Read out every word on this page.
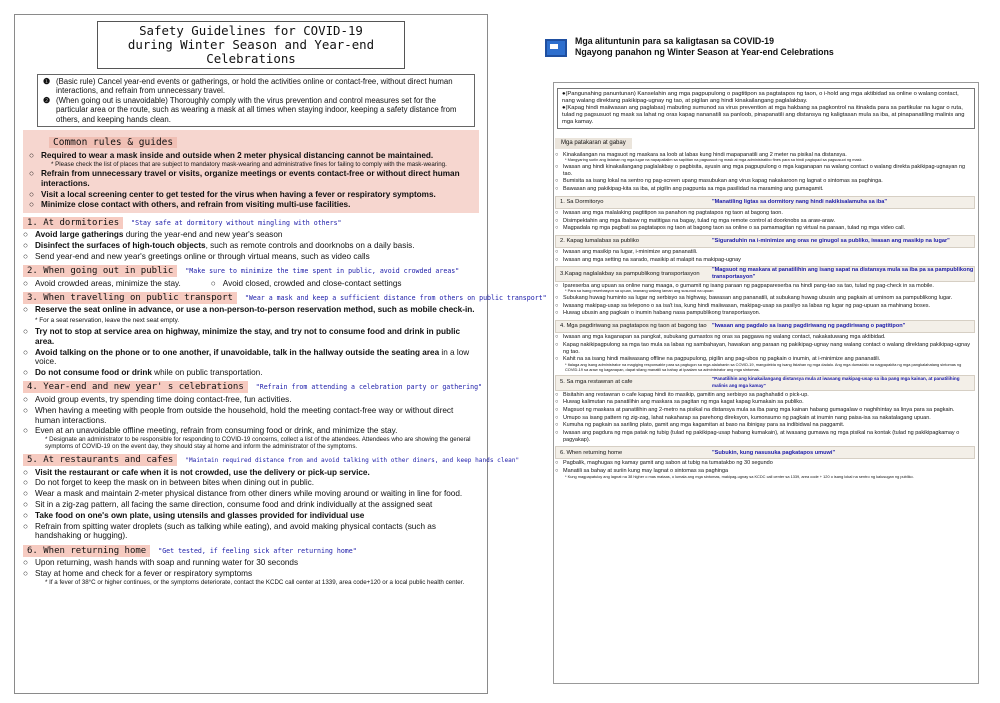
Safety Guidelines for COVID-19
during Winter Season and Year-end Celebrations
❶ (Basic rule) Cancel year-end events or gatherings, or hold the activities online or contact-free, without direct human interactions, and refrain from unnecessary travel.
❷ (When going out is unavoidable) Thoroughly comply with the virus prevention and control measures set for the particular area or the route, such as wearing a mask at all times when staying indoor, keeping a safety distance from others, and keeping hands clean.
Common rules & guides
○ Required to wear a mask inside and outside when 2 meter physical distancing cannot be maintained.
* Please check the list of places that are subject to mandatory mask-wearing and administrative fines for failing to comply with the mask-wearing.
○ Refrain from unnecessary travel or visits, organize meetings or events contact-free or without direct human interactions.
○ Visit a local screening center to get tested for the virus when having a fever or respiratory symptoms.
○ Minimize close contact with others, and refrain from visiting multi-use facilities.
1. At dormitories	"Stay safe at dormitory without mingling with others"
○ Avoid large gatherings during the year-end and new year's season
○ Disinfect the surfaces of high-touch objects, such as remote controls and doorknobs on a daily basis.
○ Send year-end and new year's greetings online or through virtual means, such as video calls
2. When going out in public	"Make sure to minimize the time spent in public, avoid crowded areas"
○ Avoid crowded areas, minimize the stay.	○ Avoid closed, crowded and close-contact settings
3. When travelling on public transport	"Wear a mask and keep a sufficient distance from others on public transport"
○ Reserve the seat online in advance, or use a non-person-to-person reservation method, such as mobile check-in. * For a seat reservation, leave the next seat empty.
○ Try not to stop at service area on highway, minimize the stay, and try not to consume food and drink in public area.
○ Avoid talking on the phone or to one another, if unavoidable, talk in the hallway outside the seating area in a low voice.
○ Do not consume food or drink while on public transportation.
4. Year-end and new year' s celebrations	"Refrain from attending a celebration party or gathering"
○ Avoid group events, try spending time doing contact-free, fun activities.
○ When having a meeting with people from outside the household, hold the meeting contact-free way or without direct human interactions.
○ Even at an unavoidable offline meeting, refrain from consuming food or drink, and minimize the stay.
* Designate an administrator to be responsible for responding to COVID-19 concerns, collect a list of the attendees. Attendees who are showing the general symptoms of COVID-19 on the event day, they should stay at home and inform the administrator of the symptoms.
5. At restaurants and cafes	"Maintain required distance from and avoid talking with other diners, and keep hands clean"
○ Visit the restaurant or cafe when it is not crowded, use the delivery or pick-up service.
○ Do not forget to keep the mask on in between bites when dining out in public.
○ Wear a mask and maintain 2-meter physical distance from other diners while moving around or waiting in line for food.
○ Sit in a zig-zag pattern, all facing the same direction, consume food and drink individually at the assigned seat
○ Take food on one's own plate, using utensils and glasses provided for individual use
○ Refrain from spitting water droplets (such as talking while eating), and avoid making physical contacts (such as handshaking or hugging).
6. When returning home	"Get tested, if feeling sick after returning home"
○ Upon returning, wash hands with soap and running water for 30 seconds
○ Stay at home and check for a fever or respiratory symptoms
* If a fever of 38°C or higher continues, or the symptoms deteriorate, contact the KCDC call center at 1339, area code+120 or a local public health center.
Mga alituntunin para sa kaligtasan sa COVID-19
Ngayong panahon ng Winter Season at Year-end Celebrations
●(Pangunahing panuntunan) Kanselahin ang mga pagpupulong o pagtitipon sa pagtatapos ng taon, o i-hold ang mga aktibidad sa online o walang contact, nang walang direktang pakikipag-ugnay ng tao, at pigilan ang hindi kinakailangang paglalakbay.
●(Kapag hindi maiiwasan ang paglabas) mabuting sumunod sa virus prevention at mga hakbang sa pagkontrol na itinakda para sa partikular na lugar o ruta, tulad ng pagsusuot ng mask sa lahat ng oras kapag nananatili sa panloob, pinapanatili ang distansya ng kaligtasan mula sa iba, at pinapanatiling malinis ang mga kamay.
Mga patakaran at gabay
○ Kinakailangan na magsuot ng maskara sa loob at labas kung hindi mapapanatili ang 2 meter na pisikal na distansya.
* Mangyaring suriin ang listahan ng mga lugar na napapailalim sa sapilitan na pagsusuot ng mask at mga administratibo fines para sa hindi pagtupad sa pagsusuot ng mask .
○ Iwasan ang hindi kinakailangang paglalakbay o pagbisita, ayusin ang mga pagpupulong o mga kaganapan na walang contact o walang direkta pakikipag-ugnayan ng tao.
○ Bumisita sa isang lokal na sentro ng pag-screen upang masubukan ang virus kapag nakakaroon ng lagnat o sintomas sa paghinga.
○ Bawasan ang pakikipag-kita sa iba, at pigilin ang pagpunta sa mga pasilidad na maraming ang gumagamit.
1. Sa Dormitoryo	"Manatiling ligtas sa dormitory nang hindi nakikisalamuha sa iba"
○ Iwasan ang mga malalaking pagtitipon sa panahon ng pagtatapos ng taon at bagong taon.
○ Disimpektahin ang mga ibabaw ng matitigas na bagay, tulad ng mga remote control at doorknobs sa araw-araw.
○ Magpadala ng mga pagbati sa pagtatapos ng taon at bagong taon sa online o sa pamamagitan ng virtual na paraan, tulad ng mga video call.
2. Kapag lumalabas sa publiko	"Siguraduhin na i-minimize ang oras ne ginugol sa publiko, iwasan ang masikip na lugar"
○ Iwasan ang masikip na lugar, i-minimize ang pananatili.
○ Iwasan ang mga setting na sarado, masikip at malapit na makipag-ugnay
3.Kapag naglalakbay sa pampublikong transportasyon
"Magsuot ng maskara at panatilihin ang isang sapat na distansya mula sa iba pa sa pampublikong transportasyon"
○ Ipareserba ang upuan sa online nang maaga, o gumamit ng isang paraan ng pagpapareserba na hindi pang-tao sa tao, tulad ng pag-check in sa mobile.
* Para sa isang reserbasyon sa upuan, iwanang walang laman ang susunod na upuan
○ Subukang huwag huminto sa lugar ng serbisyo sa highway, bawasan ang pananatili, at subukang huwag ubusin ang pagkain at uminom sa pampublikong lugar.
○ Iwasang makipag-usap sa telepono o sa isa't isa, kung hindi maiiwasan, makipag-usap sa pasilyo sa labas ng lugar ng pag-upuan sa mahinang boses.
○ Huwag ubusin ang pagkain o inumin habang nasa pampublikong transportasyon.
4. Mga pagdiriwang sa pagtatapos ng taon at bagong tao "Iwasan ang pagdalo sa isang pagdiriwang ng pagdiriwang o pagtitipon"
○ Iwasan ang mga kaganapan sa pangkat, subukang gumastos ng oras sa paggawa ng walang contact, nakakatuwang mga aktibidad.
○ Kapag nakikipagpulong sa mga tao mula sa labas ng sambahayan, hawakan ang paraan ng pakikipag-ugnay nang walang contact o walang direktang pakikipag-ugnay ng tao.
○ Kahit na sa isang hindi maiiwasang offline na pagpupulong, pigilin ang pag-ubos ng pagkain o inumin, at i-minimize ang pananatili.
* Italaga ang isang administrator na magiging responsable para sa pagtugon sa mga alalahanin sa COVID-19, mangolekta ng isang listahan ng mga dadalo. Ang mga dumadalo na nagpapakita ng mga pangkalahatang sintomas ng COVID-19 sa araw ng kaganapan, dapat silang manatili sa bahay at ipaalam sa administrator ang mga sintomas.
5. Sa mga restawran at cafe
"Panatilihin ang kinakailangang distansya mula at iwasang makipag-usap sa iba pang mga kainan, at panatilihing malinis ang mga kamay"
○ Bisitahin ang restawran o cafe kapag hindi ito masikip, gamitin ang serbisyo sa paghahatid o pick-up.
○ Huwag kalimutan na panatilihin ang maskara sa pagitan ng mga kagat kapag kumakain sa publiko.
○ Magsuot ng maskara at panatilihin ang 2-metro na pisikal na distansya mula sa iba pang mga kainan habang gumagalaw o naghihintay sa linya para sa pagkain.
○ Umupo sa isang pattern ng zig-zag, lahat nakaharap sa parehong direksyon, kumonsumo ng pagkain at inumin nang paisa-isa sa nakatalagang upuan.
○ Kumuha ng pagkain sa sariling plato, gamit ang mga kagamitan at baso na ibinigay para sa indibidwal na paggamit.
○ Iwasan ang pagdura ng mga patak ng tubig (tulad ng pakikipag-usap habang kumakain), at iwasang gumawa ng mga pisikal na kontak (tulad ng pakikipagkamay o pagyakap).
6. When returning home	"Subukin, kung nasusuka pagkatapos umuwi"
○ Pagbalik, maghugas ng kamay gamit ang sabon at tubig na tumatakbo ng 30 segundo
○ Manatili sa bahay at suriin kung may lagnat o sintomas sa paghinga
* Kung magpapatuloy ang lagnat na 38 higher o mas mataas, o lumala ang mga sintomas, makipag-ugnay sa KCDC call center sa 1339, area code + 120 o isang lokal na sentro ng kalusugan ng publiko.
